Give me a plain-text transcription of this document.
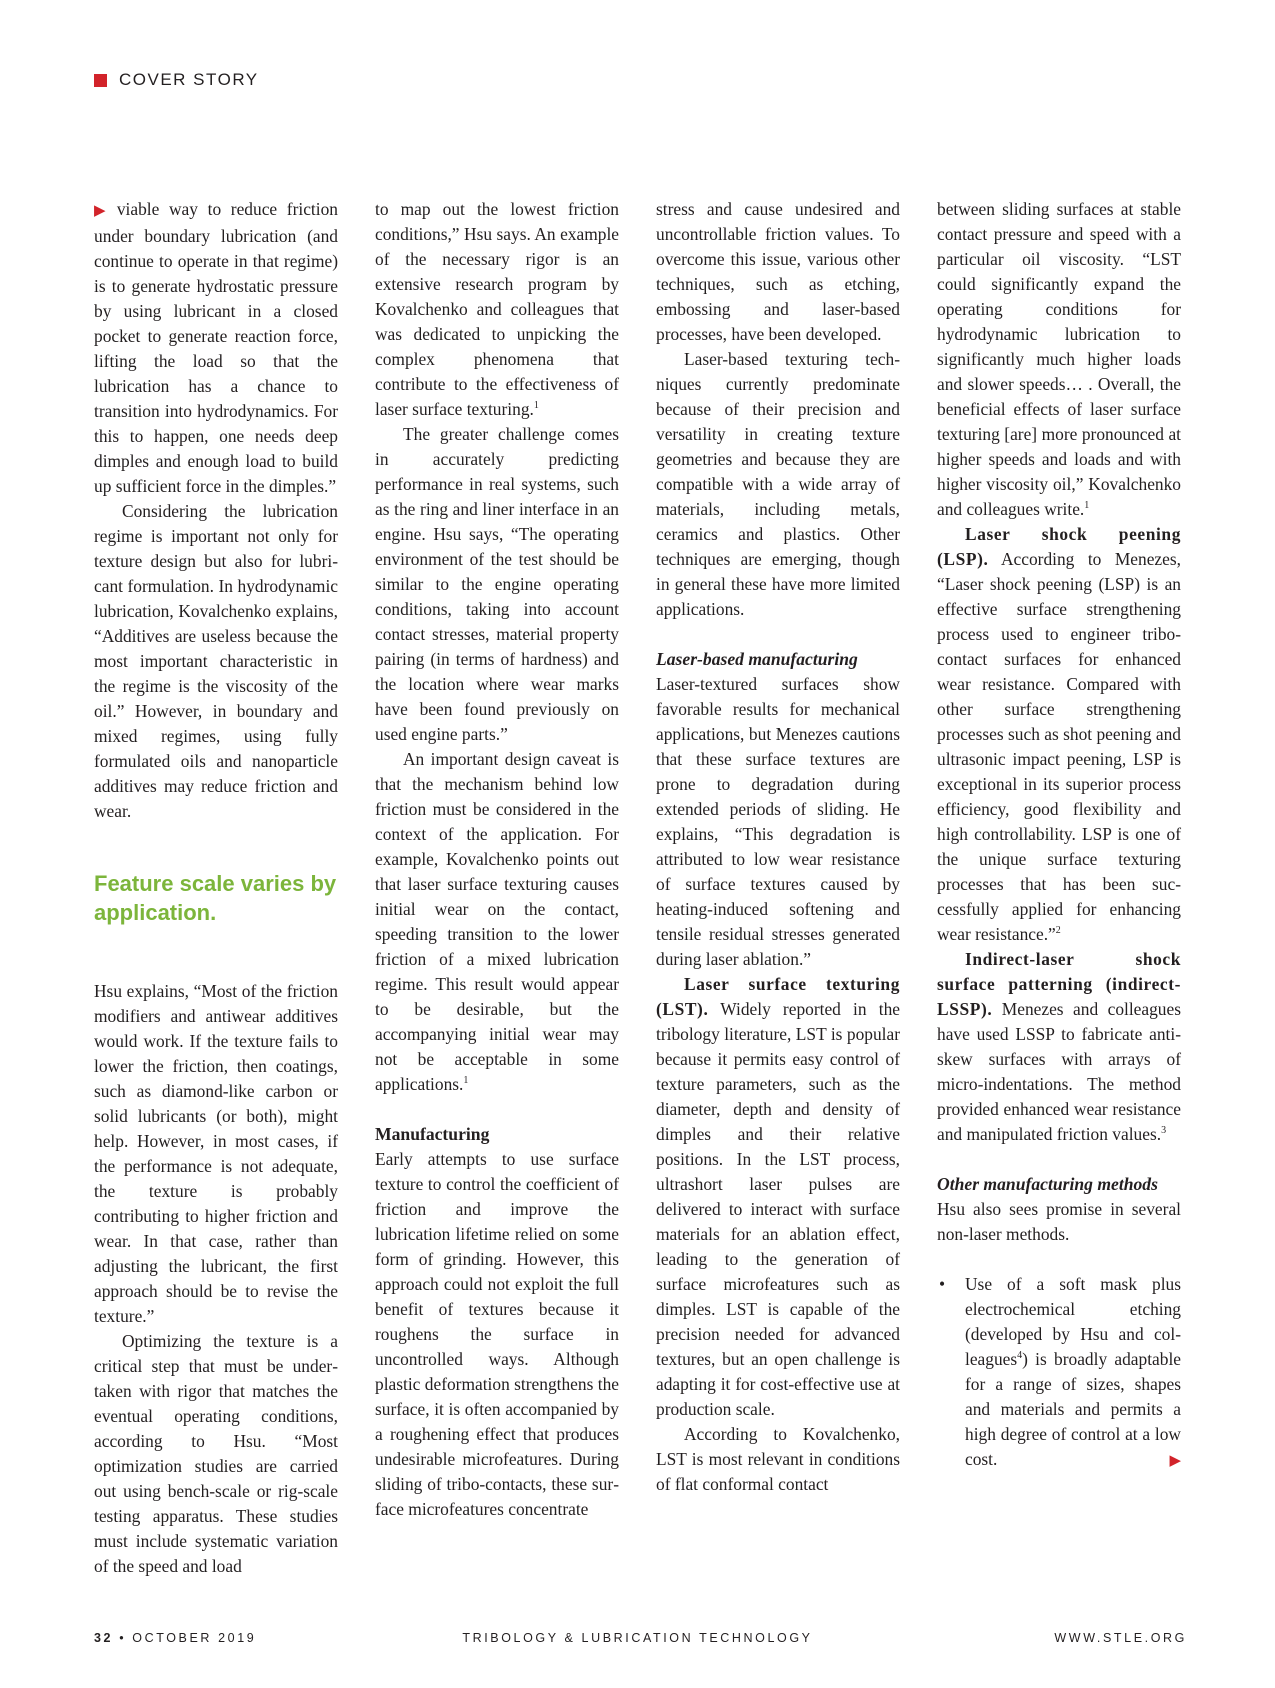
COVER STORY

▶ viable way to reduce friction under boundary lubrication (and continue to operate in that regime) is to generate hydrostatic pressure by using lubricant in a closed pocket to generate reaction force, lifting the load so that the lubrication has a chance to transition into hydrodynamics. For this to happen, one needs deep dimples and enough load to build up sufficient force in the dimples.”

Considering the lubrication regime is important not only for texture design but also for lubricant formulation. In hydrodynamic lubrication, Kovalchenko explains, “Additives are useless because the most important characteristic in the regime is the viscosity of the oil.” However, in boundary and mixed regimes, using fully formulated oils and nanoparticle additives may reduce friction and wear.

Feature scale varies by application.

Hsu explains, “Most of the friction modifiers and antiwear additives would work. If the texture fails to lower the friction, then coatings, such as diamond-like carbon or solid lubricants (or both), might help. However, in most cases, if the performance is not adequate, the texture is probably contributing to higher friction and wear. In that case, rather than adjusting the lubricant, the first approach should be to revise the texture.”

Optimizing the texture is a critical step that must be undertaken with rigor that matches the eventual operating conditions, according to Hsu. “Most optimization studies are carried out using bench-scale or rig-scale testing apparatus. These studies must include systematic variation of the speed and load

to map out the lowest friction conditions,” Hsu says. An example of the necessary rigor is an extensive research program by Kovalchenko and colleagues that was dedicated to unpicking the complex phenomena that contribute to the effectiveness of laser surface texturing.$^1$

The greater challenge comes in accurately predicting performance in real systems, such as the ring and liner interface in an engine. Hsu says, “The operating environment of the test should be similar to the engine operating conditions, taking into account contact stresses, material property pairing (in terms of hardness) and the location where wear marks have been found previously on used engine parts.”

An important design caveat is that the mechanism behind low friction must be considered in the context of the application. For example, Kovalchenko points out that laser surface texturing causes initial wear on the contact, speeding transition to the lower friction of a mixed lubrication regime. This result would appear to be desirable, but the accompanying initial wear may not be acceptable in some applications.$^1$

Manufacturing

Early attempts to use surface texture to control the coefficient of friction and improve the lubrication lifetime relied on some form of grinding. However, this approach could not exploit the full benefit of textures because it roughens the surface in uncontrolled ways. Although plastic deformation strengthens the surface, it is often accompanied by a roughening effect that produces undesirable microfeatures. During sliding of tribo-contacts, these surface microfeatures concentrate

stress and cause undesired and uncontrollable friction values. To overcome this issue, various other techniques, such as etching, embossing and laser-based processes, have been developed.

Laser-based texturing techniques currently predominate because of their precision and versatility in creating texture geometries and because they are compatible with a wide array of materials, including metals, ceramics and plastics. Other techniques are emerging, though in general these have more limited applications.

Laser-based manufacturing

Laser-textured surfaces show favorable results for mechanical applications, but Menezes cautions that these surface textures are prone to degradation during extended periods of sliding. He explains, “This degradation is attributed to low wear resistance of surface textures caused by heating-induced softening and tensile residual stresses generated during laser ablation.”

Laser surface texturing (LST). Widely reported in the tribology literature, LST is popular because it permits easy control of texture parameters, such as the diameter, depth and density of dimples and their relative positions. In the LST process, ultrashort laser pulses are delivered to interact with surface materials for an ablation effect, leading to the generation of surface microfeatures such as dimples. LST is capable of the precision needed for advanced textures, but an open challenge is adapting it for cost-effective use at production scale.

According to Kovalchenko, LST is most relevant in conditions of flat conformal contact

between sliding surfaces at stable contact pressure and speed with a particular oil viscosity. “LST could significantly expand the operating conditions for hydrodynamic lubrication to significantly much higher loads and slower speeds… . Overall, the beneficial effects of laser surface texturing [are] more pronounced at higher speeds and loads and with higher viscosity oil,” Kovalchenko and colleagues write.$^1$

Laser shock peening (LSP). According to Menezes, “Laser shock peening (LSP) is an effective surface strengthening process used to engineer tribo-contact surfaces for enhanced wear resistance. Compared with other surface strengthening processes such as shot peening and ultrasonic impact peening, LSP is exceptional in its superior process efficiency, good flexibility and high controllability. LSP is one of the unique surface texturing processes that has been successfully applied for enhancing wear resistance.”$^2$

Indirect-laser shock surface patterning (indirect-LSSP). Menezes and colleagues have used LSSP to fabricate anti-skew surfaces with arrays of micro-indentations. The method provided enhanced wear resistance and manipulated friction values.$^3$

Other manufacturing methods

Hsu also sees promise in several non-laser methods.

• Use of a soft mask plus electrochemical etching (developed by Hsu and colleagues$^4$) is broadly adaptable for a range of sizes, shapes and materials and permits a high degree of control at a low cost.	▶
32 • OCTOBER 2019	TRIBOLOGY & LUBRICATION TECHNOLOGY	WWW.STLE.ORG
